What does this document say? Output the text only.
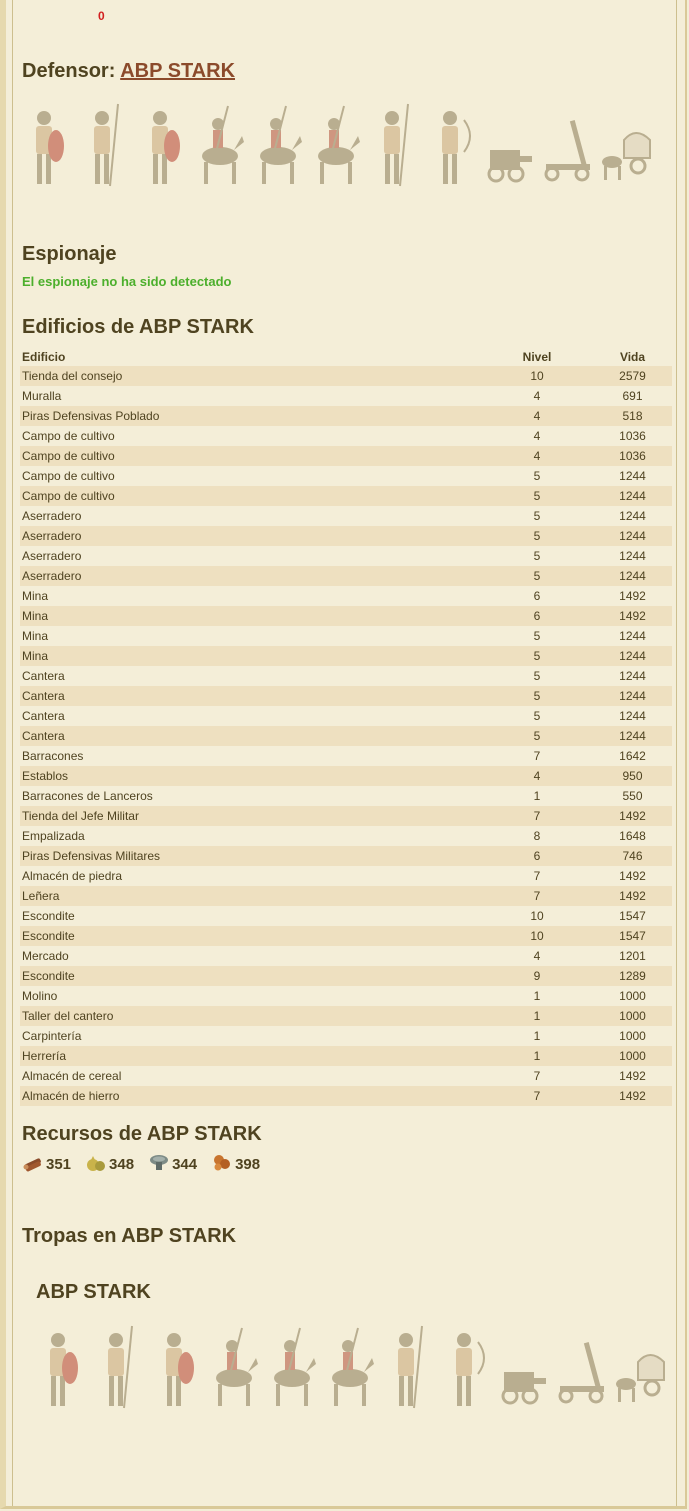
0
Defensor: ABP STARK
Espionaje
El espionaje no ha sido detectado
Edificios de ABP STARK
Edificio	Nivel		Vida
Tienda del consejo	10		2579
Muralla	4		691
Piras Defensivas Poblado	4		518
Campo de cultivo	4		1036
Campo de cultivo	4		1036
Campo de cultivo	5		1244
Campo de cultivo	5		1244
Aserradero	5		1244
Aserradero	5		1244
Aserradero	5		1244
Aserradero	5		1244
Mina	6		1492
Mina	6		1492
Mina	5		1244
Mina	5		1244
Cantera	5		1244
Cantera	5		1244
Cantera	5		1244
Cantera	5		1244
Barracones	7		1642
Establos	4		950
Barracones de Lanceros	1		550
Tienda del Jefe Militar	7		1492
Empalizada	8		1648
Piras Defensivas Militares	6		746
Almacén de piedra	7		1492
Leñera	7		1492
Escondite	10		1547
Escondite	10		1547
Mercado	4		1201
Escondite	9		1289
Molino	1		1000
Taller del cantero	1		1000
Carpintería	1		1000
Herrería	1		1000
Almacén de cereal	7		1492
Almacén de hierro	7		1492
Recursos de ABP STARK
351	348	344	398
Tropas en ABP STARK
ABP STARK
